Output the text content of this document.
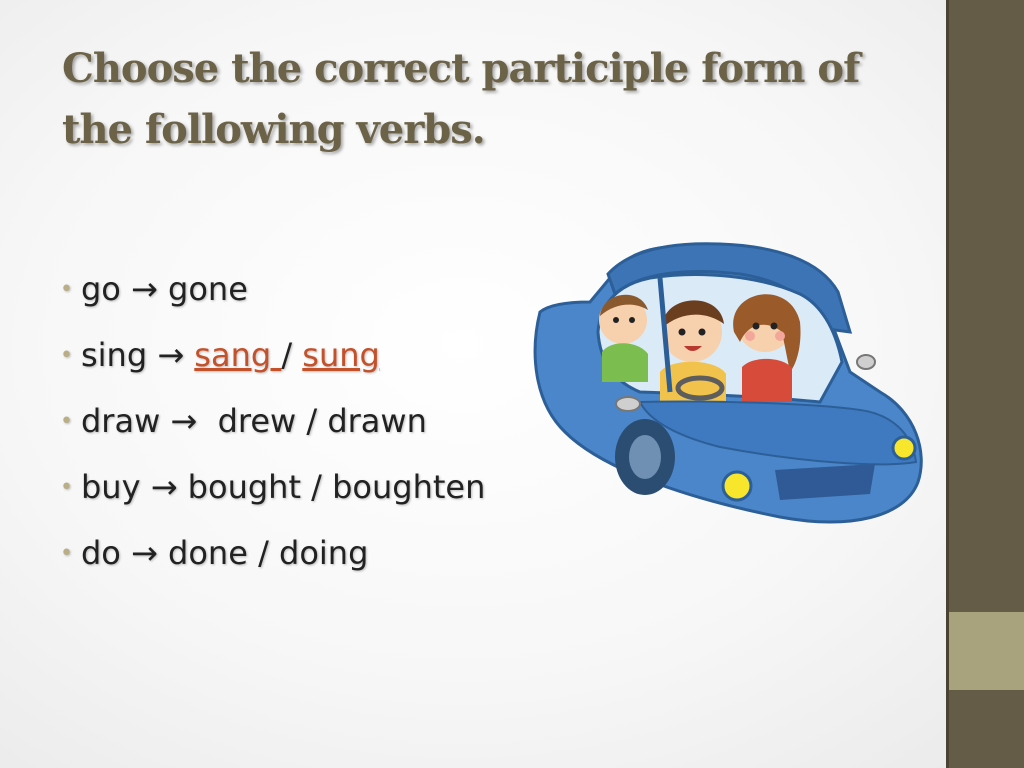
Choose the correct participle form of the following verbs.
• go → gone
• sing → sang / sung
• draw → drew / drawn
• buy → bought / boughten
• do → done / doing
